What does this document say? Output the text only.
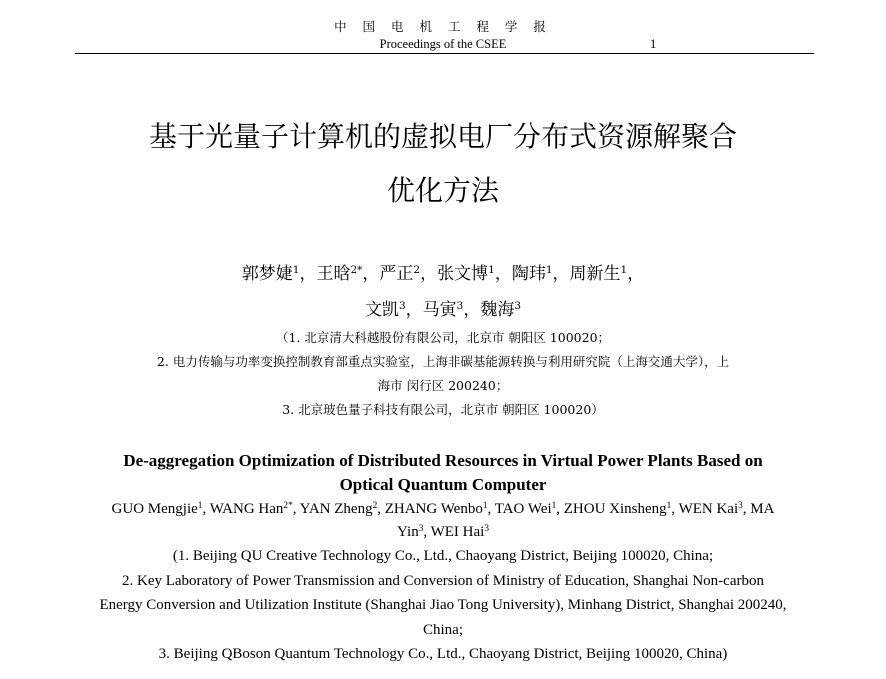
中 国 电 机 工 程 学 报
Proceedings of the CSEE	1
基于光量子计算机的虚拟电厂分布式资源解聚合
优化方法
郭梦婕$^1$，王晗$^{2*}$，严正$^2$，张文博$^1$，陶玮$^1$，周新生$^1$，
文凯$^3$，马寅$^3$，魏海$^3$
（1. 北京清大科越股份有限公司，北京市 朝阳区 100020；
2. 电力传输与功率变换控制教育部重点实验室，上海非碳基能源转换与利用研究院（上海交通大学），上
海市 闵行区 200240；
3. 北京玻色量子科技有限公司，北京市 朝阳区 100020）
De-aggregation Optimization of Distributed Resources in Virtual Power Plants Based on
Optical Quantum Computer
GUO Mengjie$^1$, WANG Han$^{2*}$, YAN Zheng$^2$, ZHANG Wenbo$^1$, TAO Wei$^1$, ZHOU Xinsheng$^1$, WEN Kai$^3$, MA
Yin$^3$, WEI Hai$^3$
(1. Beijing QU Creative Technology Co., Ltd., Chaoyang District, Beijing 100020, China;
2. Key Laboratory of Power Transmission and Conversion of Ministry of Education, Shanghai Non-carbon
Energy Conversion and Utilization Institute (Shanghai Jiao Tong University), Minhang District, Shanghai 200240,
China;
3. Beijing QBoson Quantum Technology Co., Ltd., Chaoyang District, Beijing 100020, China)
